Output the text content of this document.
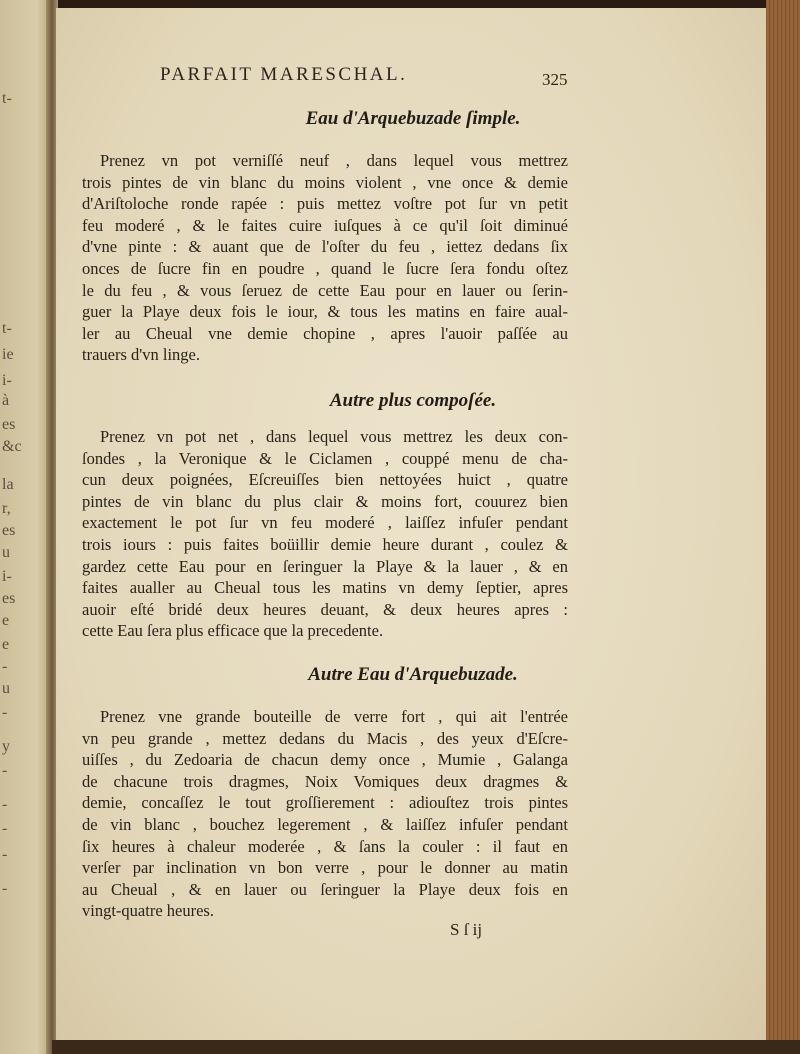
t-
t-
ie
i-
à
es
&c
la
r,
es
u
i-
es
e
e
-
u
-
y
-
-
-
-
-
PARFAIT MARESCHAL.	325
Eau d'Arquebuzade ſimple.
Prenez vn pot verniſſé neuf , dans lequel vous mettrez
trois pintes de vin blanc du moins violent , vne once & demie
d'Ariſtoloche ronde rapée : puis mettez voſtre pot ſur vn petit
feu moderé , & le faites cuire iuſques à ce qu'il ſoit diminué
d'vne pinte : & auant que de l'oſter du feu , iettez dedans ſix
onces de ſucre fin en poudre , quand le ſucre ſera fondu oſtez
le du feu , & vous ſeruez de cette Eau pour en lauer ou ſerin-
guer la Playe deux fois le iour, & tous les matins en faire aual-
ler au Cheual vne demie chopine , apres l'auoir paſſée au
trauers d'vn linge.
Autre plus compoſée.
Prenez vn pot net , dans lequel vous mettrez les deux con-
ſondes , la Veronique & le Ciclamen , couppé menu de cha-
cun deux poignées, Eſcreuiſſes bien nettoyées huict , quatre
pintes de vin blanc du plus clair & moins fort, couurez bien
exactement le pot ſur vn feu moderé , laiſſez infuſer pendant
trois iours : puis faites boüillir demie heure durant , coulez &
gardez cette Eau pour en ſeringuer la Playe & la lauer , & en
faites aualler au Cheual tous les matins vn demy ſeptier, apres
auoir eſté bridé deux heures deuant, & deux heures apres :
cette Eau ſera plus efficace que la precedente.
Autre Eau d'Arquebuzade.
Prenez vne grande bouteille de verre fort , qui ait l'entrée
vn peu grande , mettez dedans du Macis , des yeux d'Eſcre-
uiſſes , du Zedoaria de chacun demy once , Mumie , Galanga
de chacune trois dragmes, Noix Vomiques deux dragmes &
demie, concaſſez le tout groſſierement : adiouſtez trois pintes
de vin blanc , bouchez legerement , & laiſſez infuſer pendant
ſix heures à chaleur moderée , & ſans la couler : il faut en
verſer par inclination vn bon verre , pour le donner au matin
au Cheual , & en lauer ou ſeringuer la Playe deux fois en
vingt-quatre heures.
S ſ ij
